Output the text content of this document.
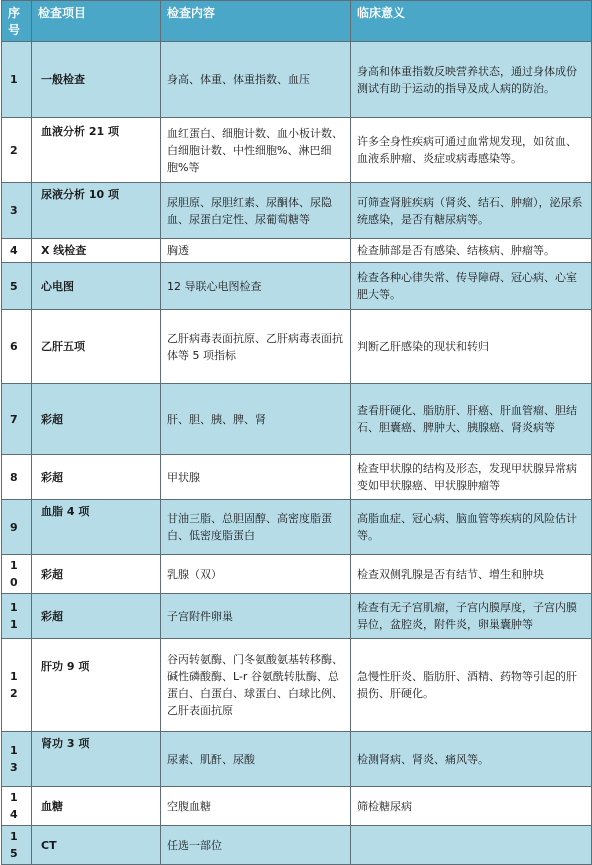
序号	检查项目	检查内容	临床意义
1	一般检查	身高、体重、体重指数、血压	身高和体重指数反映营养状态，通过身体成份测试有助于运动的指导及成人病的防治。
2	血液分析 21 项	血红蛋白、细胞计数、血小板计数、白细胞计数、中性细胞%、淋巴细胞%等	许多全身性疾病可通过血常规发现，如贫血、血液系肿瘤、炎症或病毒感染等。
3	尿液分析 10 项	尿胆原、尿胆红素、尿酮体、尿隐血、尿蛋白定性、尿葡萄糖等	可筛查肾脏疾病（肾炎、结石、肿瘤），泌尿系统感染，是否有糖尿病等。
4	X 线检查	胸透	检查肺部是否有感染、结核病、肿瘤等。
5	心电图	12 导联心电图检查	检查各种心律失常、传导障碍、冠心病、心室肥大等。
6	乙肝五项	乙肝病毒表面抗原、乙肝病毒表面抗体等 5 项指标	判断乙肝感染的现状和转归
7	彩超	肝、胆、胰、脾、肾	查看肝硬化、脂肪肝、肝癌、肝血管瘤、胆结石、胆囊癌、脾肿大、胰腺癌、肾炎病等
8	彩超	甲状腺	检查甲状腺的结构及形态，发现甲状腺异常病变如甲状腺癌、甲状腺肿瘤等
9	血脂 4 项	甘油三脂、总胆固醇、高密度脂蛋白、低密度脂蛋白	高脂血症、冠心病、脑血管等疾病的风险估计等。
10	彩超	乳腺（双）	检查双侧乳腺是否有结节、增生和肿块
11	彩超	子宫附件卵巢	检查有无子宫肌瘤，子宫内膜厚度，子宫内膜异位，盆腔炎，附件炎，卵巢囊肿等
12	肝功 9 项	谷丙转氨酶、门冬氨酸氨基转移酶、碱性磷酸酶、L-r 谷氨酰转肽酶、总蛋白、白蛋白、球蛋白、白球比例、乙肝表面抗原	急慢性肝炎、脂肪肝、酒精、药物等引起的肝损伤、肝硬化。
13	肾功 3 项	尿素、肌酐、尿酸	检测肾病、肾炎、痛风等。
14	血糖	空腹血糖	筛检糖尿病
15	CT	任选一部位	
